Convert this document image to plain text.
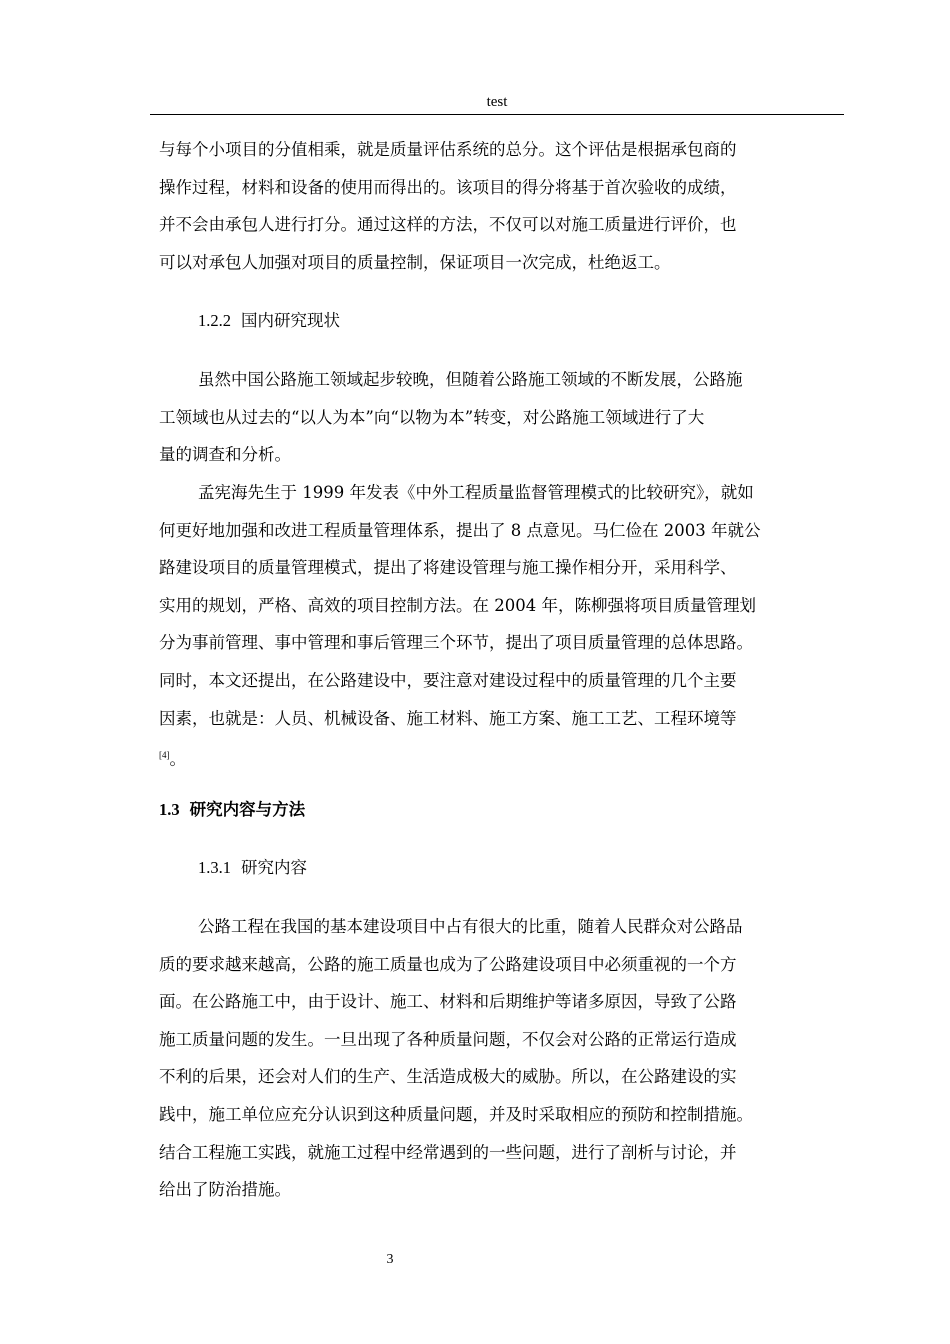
test
与每个小项目的分值相乘，就是质量评估系统的总分。这个评估是根据承包商的
操作过程，材料和设备的使用而得出的。该项目的得分将基于首次验收的成绩，
并不会由承包人进行打分。通过这样的方法，不仅可以对施工质量进行评价，也
可以对承包人加强对项目的质量控制，保证项目一次完成，杜绝返工。
1.2.2 国内研究现状
虽然中国公路施工领域起步较晚，但随着公路施工领域的不断发展，公路施
工领域也从过去的“以人为本”向“以物为本”转变，对公路施工领域进行了大
量的调查和分析。
孟宪海先生于 1999 年发表《中外工程质量监督管理模式的比较研究》，就如
何更好地加强和改进工程质量管理体系，提出了 8 点意见。马仁俭在 2003 年就公
路建设项目的质量管理模式，提出了将建设管理与施工操作相分开，采用科学、
实用的规划，严格、高效的项目控制方法。在 2004 年，陈柳强将项目质量管理划
分为事前管理、事中管理和事后管理三个环节，提出了项目质量管理的总体思路。
同时，本文还提出，在公路建设中，要注意对建设过程中的质量管理的几个主要
因素，也就是：人员、机械设备、施工材料、施工方案、施工工艺、工程环境等
[4]。
1.3 研究内容与方法
1.3.1 研究内容
公路工程在我国的基本建设项目中占有很大的比重，随着人民群众对公路品
质的要求越来越高，公路的施工质量也成为了公路建设项目中必须重视的一个方
面。在公路施工中，由于设计、施工、材料和后期维护等诸多原因，导致了公路
施工质量问题的发生。一旦出现了各种质量问题，不仅会对公路的正常运行造成
不利的后果，还会对人们的生产、生活造成极大的威胁。所以，在公路建设的实
践中，施工单位应充分认识到这种质量问题，并及时采取相应的预防和控制措施。
结合工程施工实践，就施工过程中经常遇到的一些问题，进行了剖析与讨论，并
给出了防治措施。
3
